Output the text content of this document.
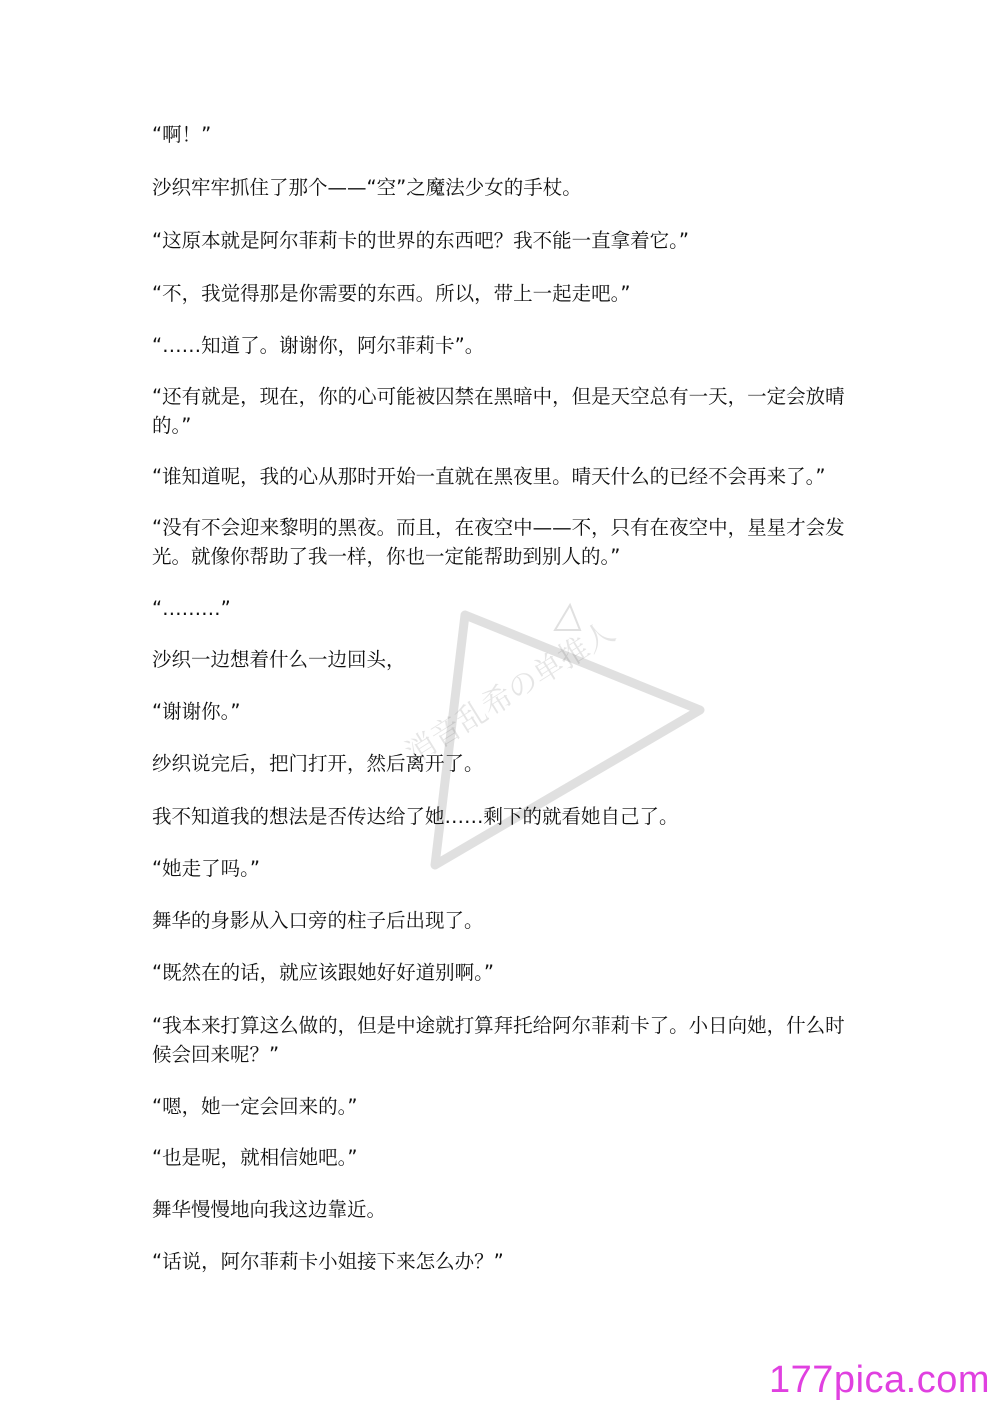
“啊！”

沙织牢牢抓住了那个——“空”之魔法少女的手杖。

“这原本就是阿尔菲莉卡的世界的东西吧？我不能一直拿着它。”

“不，我觉得那是你需要的东西。所以，带上一起走吧。”

“……知道了。谢谢你，阿尔菲莉卡”。

“还有就是，现在，你的心可能被囚禁在黑暗中，但是天空总有一天，一定会放晴的。”

“谁知道呢，我的心从那时开始一直就在黑夜里。晴天什么的已经不会再来了。”

“没有不会迎来黎明的黑夜。而且，在夜空中——不，只有在夜空中，星星才会发光。就像你帮助了我一样，你也一定能帮助到别人的。”

“………”

沙织一边想着什么一边回头，

“谢谢你。”

纱织说完后，把门打开，然后离开了。

我不知道我的想法是否传达给了她……剩下的就看她自己了。

“她走了吗。”

舞华的身影从入口旁的柱子后出现了。

“既然在的话，就应该跟她好好道别啊。”

“我本来打算这么做的，但是中途就打算拜托给阿尔菲莉卡了。小日向她，什么时候会回来呢？”

“嗯，她一定会回来的。”

“也是呢，就相信她吧。”

舞华慢慢地向我这边靠近。

“话说，阿尔菲莉卡小姐接下来怎么办？”

消音乱希の单推人
177pica.com
